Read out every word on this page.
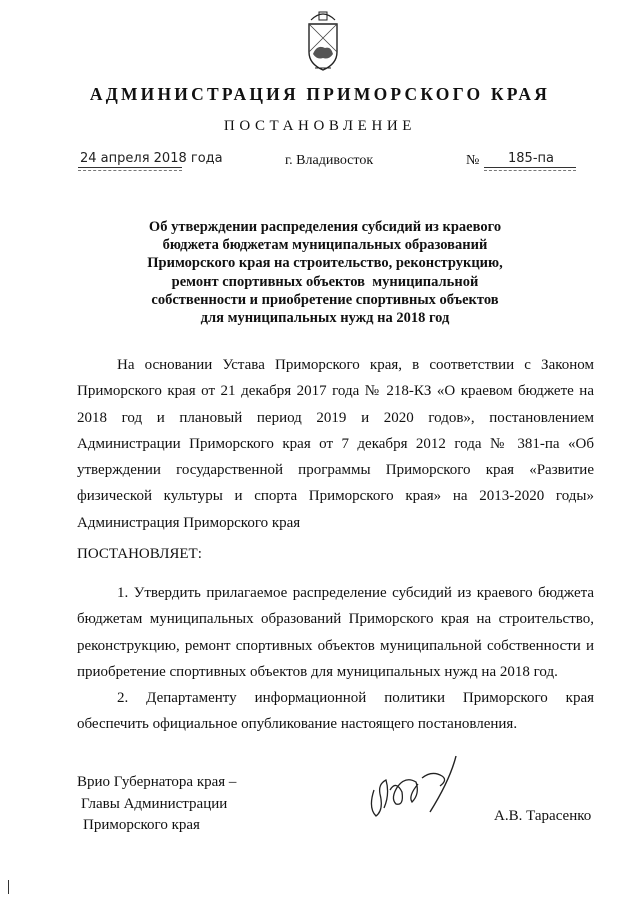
АДМИНИСТРАЦИЯ ПРИМОРСКОГО КРАЯ
ПОСТАНОВЛЕНИЕ
24 апреля 2018 года	г. Владивосток	№ 185-па
Об утверждении распределения субсидий из краевого
бюджета бюджетам муниципальных образований
Приморского края на строительство, реконструкцию,
ремонт спортивных объектов  муниципальной
собственности и приобретение спортивных объектов
для муниципальных нужд на 2018 год
На основании Устава Приморского края, в соответствии с Законом Приморского края от 21 декабря 2017 года № 218-КЗ «О краевом бюджете на 2018 год и плановый период 2019 и 2020 годов», постановлением Администрации Приморского края от 7 декабря 2012 года № 381-па «Об утверждении государственной программы Приморского края «Развитие физической культуры и спорта Приморского края» на 2013-2020 годы» Администрация Приморского края
ПОСТАНОВЛЯЕТ:
1. Утвердить прилагаемое распределение субсидий из краевого бюджета бюджетам муниципальных образований Приморского края на строительство, реконструкцию, ремонт спортивных объектов муниципальной собственности и приобретение спортивных объектов для муниципальных нужд на 2018 год.
2. Департаменту информационной политики Приморского края обеспечить официальное опубликование настоящего постановления.
Врио Губернатора края –
Главы Администрации
Приморского края
А.В. Тарасенко
